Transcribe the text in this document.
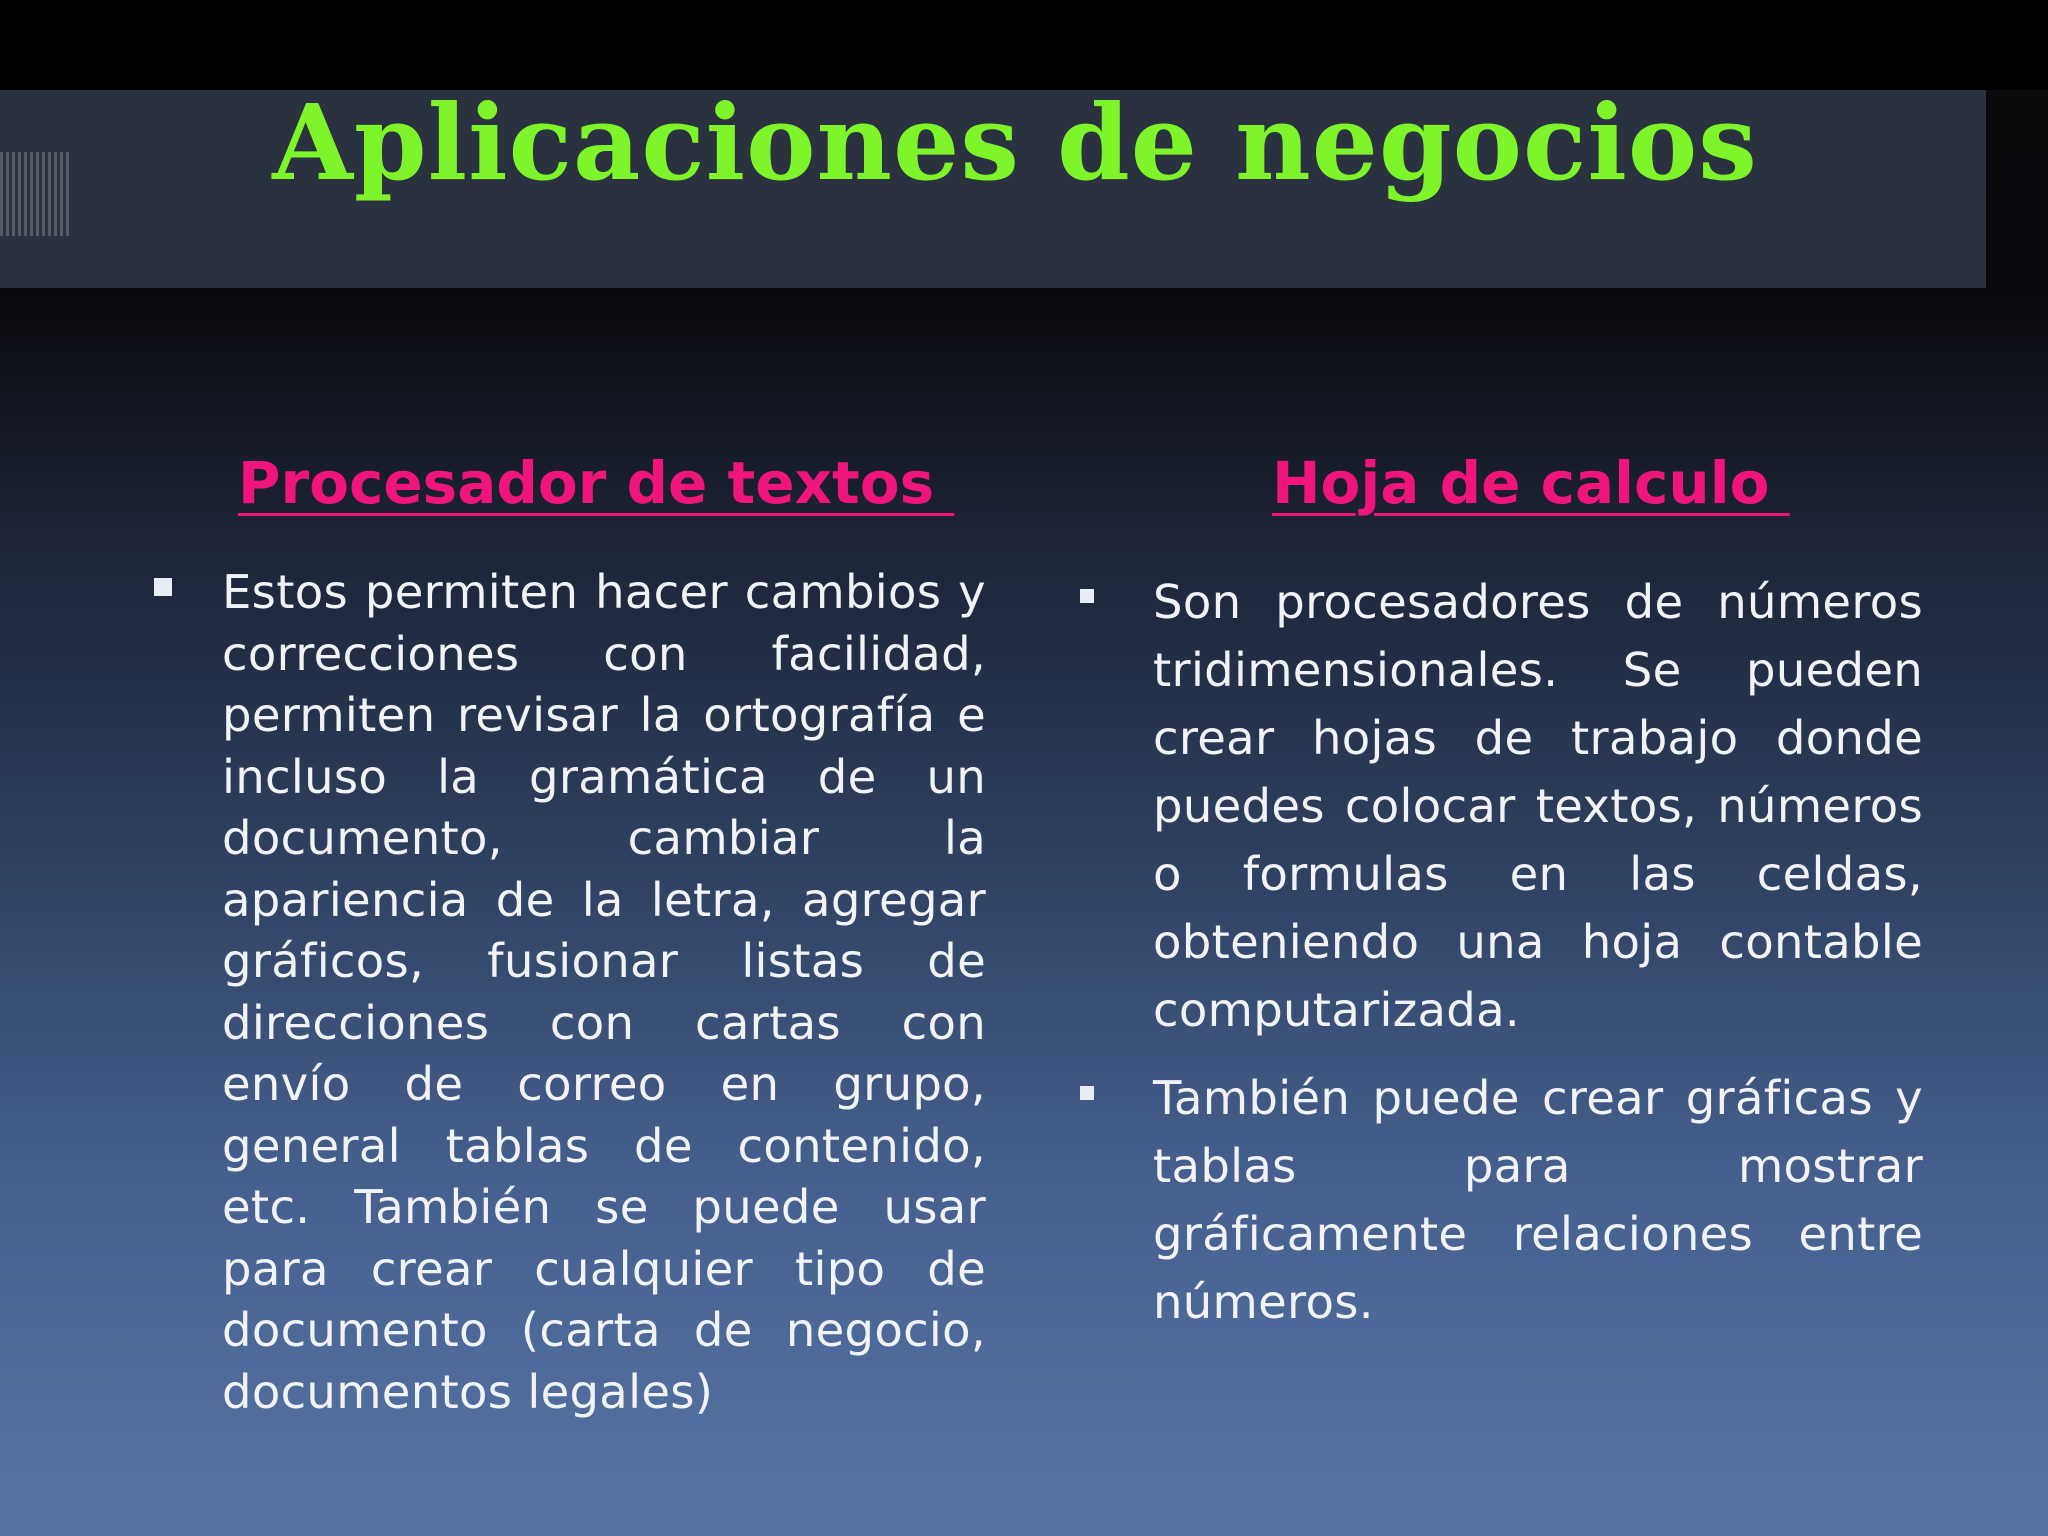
Aplicaciones de negocios
Procesador de textos

Estos permiten hacer cambios y correcciones con facilidad, permiten revisar la ortografía e incluso la gramática de un documento, cambiar la apariencia de la letra, agregar gráficos, fusionar listas de direcciones con cartas con envío de correo en grupo, general tablas de contenido, etc. También se puede usar para crear cualquier tipo de documento (carta de negocio, documentos legales)

Hoja de calculo

Son procesadores de números tridimensionales. Se pueden crear hojas de trabajo donde puedes colocar textos, números o formulas en las celdas, obteniendo una hoja contable computarizada.

También puede crear gráficas y tablas para mostrar gráficamente relaciones entre números.
